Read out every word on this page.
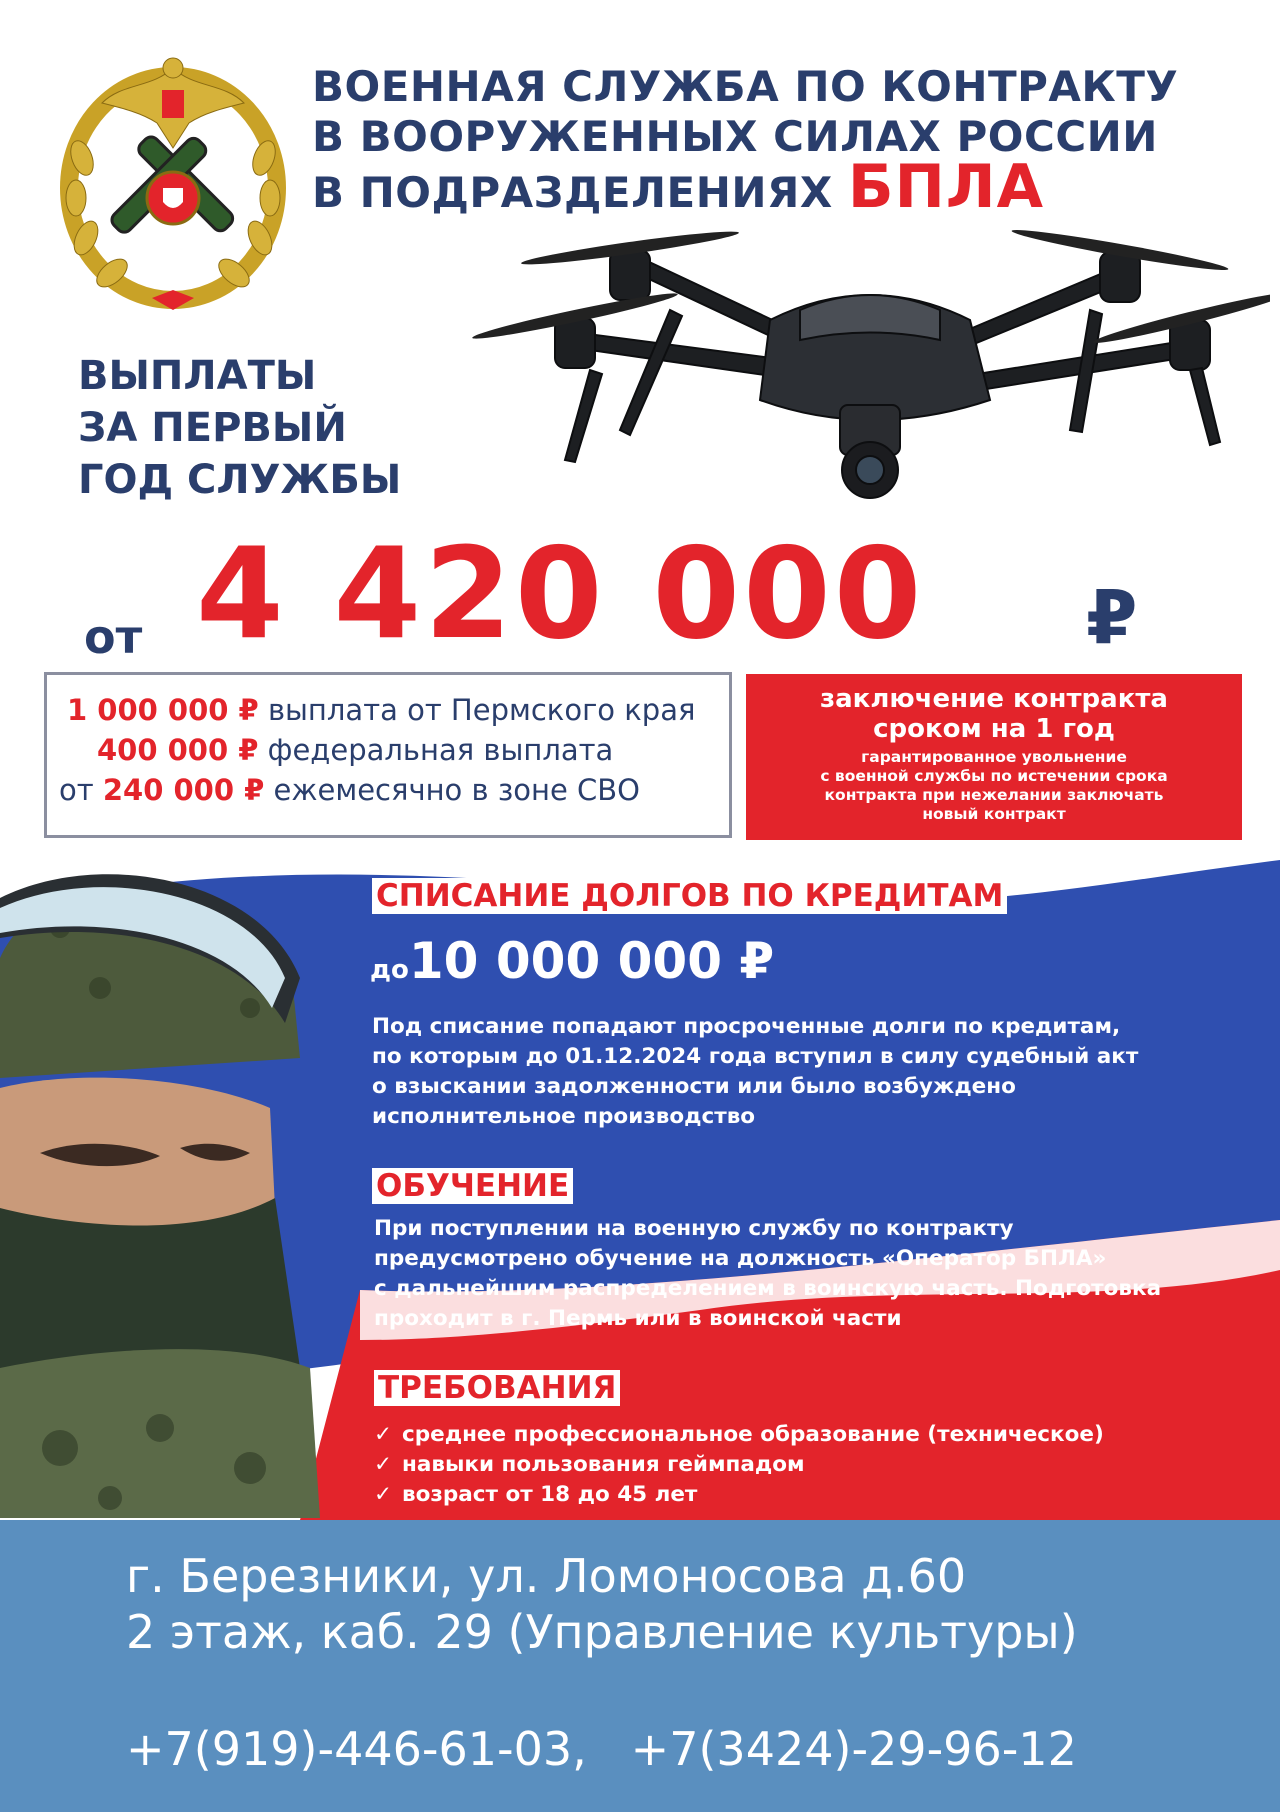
ВОЕННАЯ СЛУЖБА ПО КОНТРАКТУ
В ВООРУЖЕННЫХ СИЛАХ РОССИИ
В ПОДРАЗДЕЛЕНИЯХ БПЛА
ВЫПЛАТЫ
ЗА ПЕРВЫЙ
ГОД СЛУЖБЫ
от 4 420 000 ₽
1 000 000 ₽ выплата от Пермского края
400 000 ₽ федеральная выплата
от 240 000 ₽ ежемесячно в зоне СВО
заключение контракта
сроком на 1 год
гарантированное увольнение
с военной службы по истечении срока
контракта при нежелании заключать
новый контракт
СПИСАНИЕ ДОЛГОВ ПО КРЕДИТАМ
до10 000 000 ₽
Под списание попадают просроченные долги по кредитам,
по которым до 01.12.2024 года вступил в силу судебный акт
о взыскании задолженности или было возбуждено
исполнительное производство
ОБУЧЕНИЕ
При поступлении на военную службу по контракту
предусмотрено обучение на должность «Оператор БПЛА»
с дальнейшим распределением в воинскую часть. Подготовка
проходит в г. Пермь или в воинской части
ТРЕБОВАНИЯ
✓ среднее профессиональное образование (техническое)
✓ навыки пользования геймпадом
✓ возраст от 18 до 45 лет
г. Березники, ул. Ломоносова д.60
2 этаж, каб. 29 (Управление культуры)
+7(919)-446-61-03, +7(3424)-29-96-12
